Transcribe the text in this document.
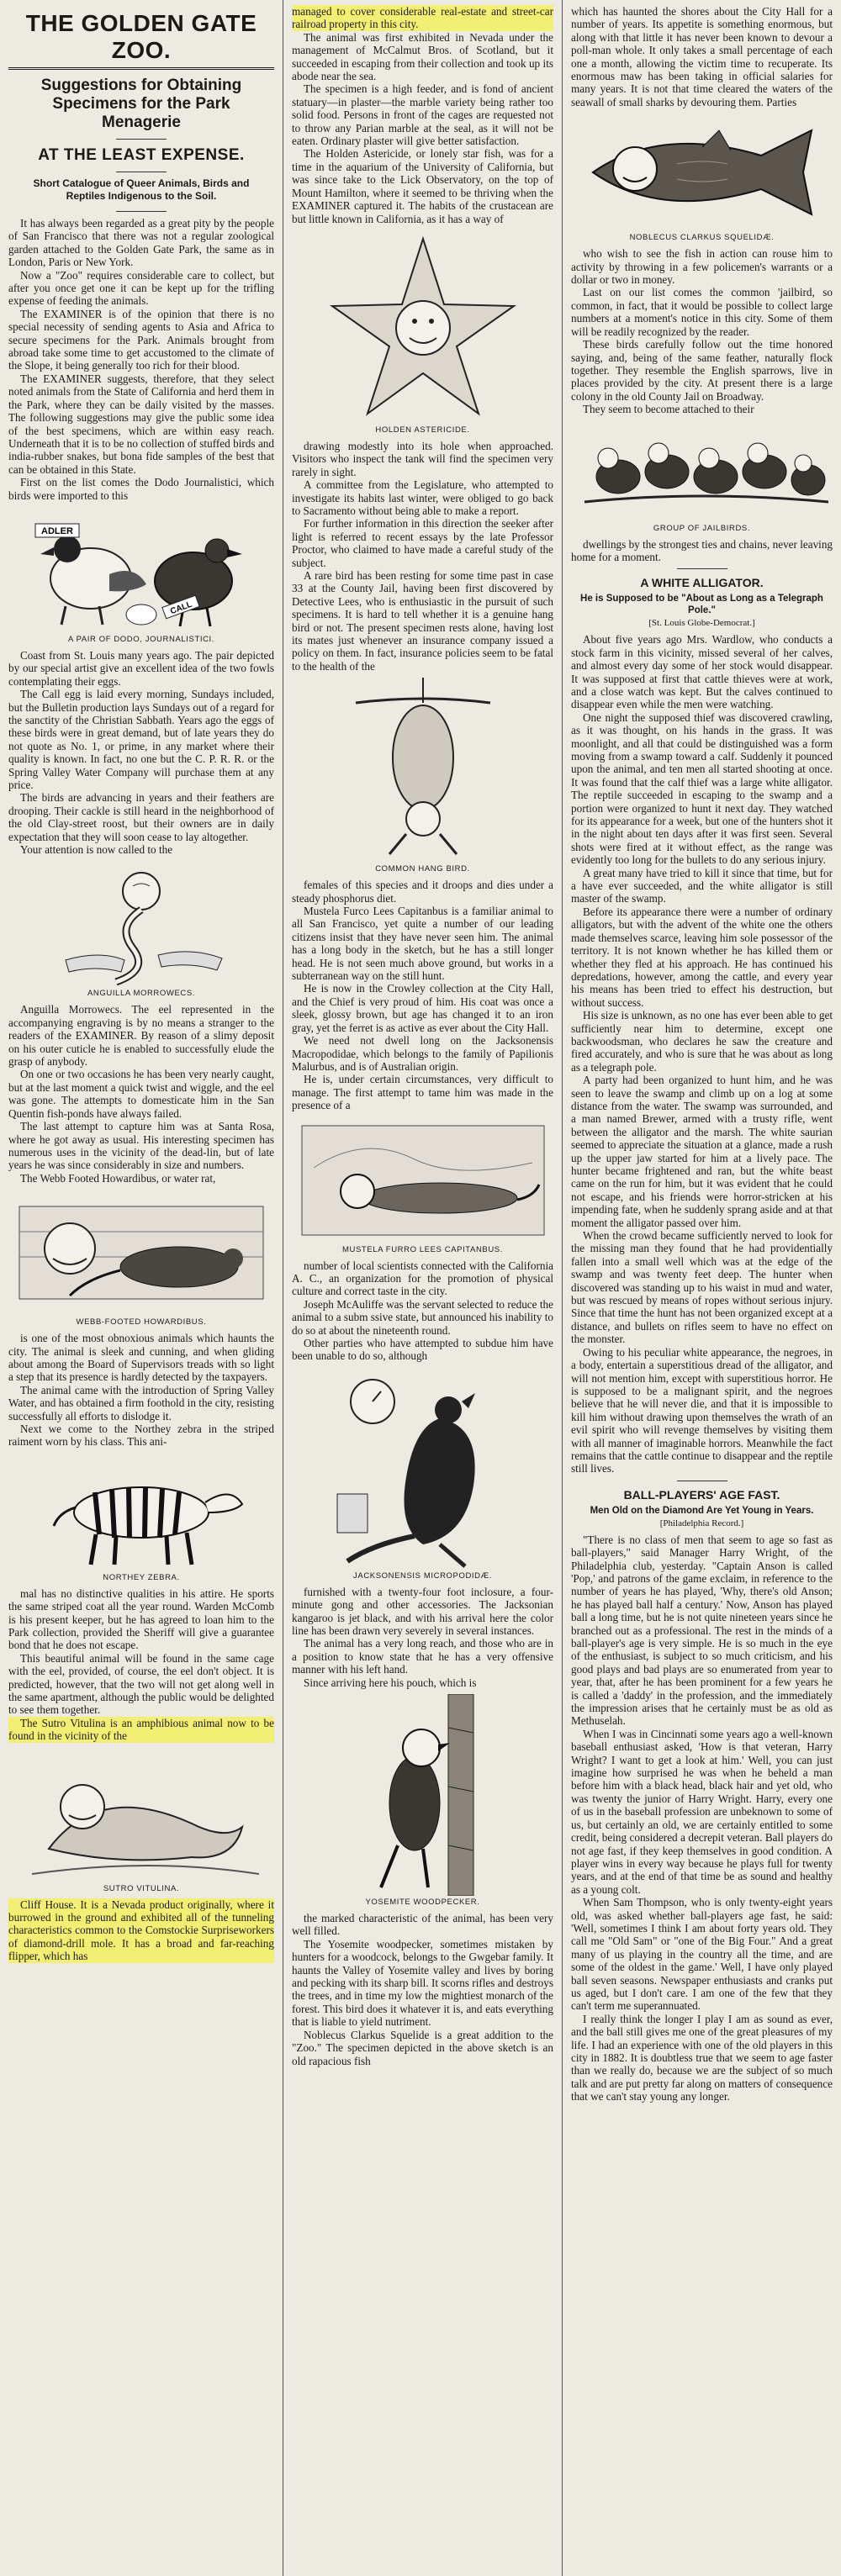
THE GOLDEN GATE ZOO.
Suggestions for Obtaining Specimens for the Park Menagerie
AT THE LEAST EXPENSE.
Short Catalogue of Queer Animals, Birds and Reptiles Indigenous to the Soil.

It has always been regarded as a great pity by the people of San Francisco that there was not a regular zoological garden attached to the Golden Gate Park, the same as in London, Paris or New York.

Now a "Zoo" requires considerable care to collect, but after you once get one it can be kept up for the trifling expense of feeding the animals.

The EXAMINER is of the opinion that there is no special necessity of sending agents to Asia and Africa to secure specimens for the Park. Animals brought from abroad take some time to get accustomed to the climate of the Slope, it being generally too rich for their blood.

The EXAMINER suggests, therefore, that they select noted animals from the State of California and herd them in the Park, where they can be daily visited by the masses. The following suggestions may give the public some idea of the best specimens, which are within easy reach. Underneath that it is to be no collection of stuffed birds and india-rubber snakes, but bona fide samples of the best that can be obtained in this State.

First on the list comes the Dodo Journalistici, which birds were imported to this

ADLER
CALL
A PAIR OF DODO, JOURNALISTICI.

Coast from St. Louis many years ago. The pair depicted by our special artist give an excellent idea of the two fowls contemplating their eggs.

The Call egg is laid every morning, Sundays included, but the Bulletin production lays Sundays out of a regard for the sanctity of the Christian Sabbath. Years ago the eggs of these birds were in great demand, but of late years they do not quote as No. 1, or prime, in any market where their quality is known. In fact, no one but the C. P. R. R. or the Spring Valley Water Company will purchase them at any price.

The birds are advancing in years and their feathers are drooping. Their cackle is still heard in the neighborhood of the old Clay-street roost, but their owners are in daily expectation that they will soon cease to lay altogether.

Your attention is now called to the

ANGUILLA MORROWECS.

Anguilla Morrowecs. The eel represented in the accompanying engraving is by no means a stranger to the readers of the EXAMINER. By reason of a slimy deposit on his outer cuticle he is enabled to successfully elude the grasp of anybody.

On one or two occasions he has been very nearly caught, but at the last moment a quick twist and wiggle, and the eel was gone. The attempts to domesticate him in the San Quentin fish-ponds have always failed.

The last attempt to capture him was at Santa Rosa, where he got away as usual. His interesting specimen has numerous uses in the vicinity of the dead-lin, but of late years he was since considerably in size and numbers.

The Webb Footed Howardibus, or water rat,

WEBB-FOOTED HOWARDIBUS.

is one of the most obnoxious animals which haunts the city. The animal is sleek and cunning, and when gliding about among the Board of Supervisors treads with so light a step that its presence is hardly detected by the taxpayers.

The animal came with the introduction of Spring Valley Water, and has obtained a firm foothold in the city, resisting successfully all efforts to dislodge it.

Next we come to the Northey zebra in the striped raiment worn by his class. This ani-

NORTHEY ZEBRA.

mal has no distinctive qualities in his attire. He sports the same striped coat all the year round. Warden McComb is his present keeper, but he has agreed to loan him to the Park collection, provided the Sheriff will give a guarantee bond that he does not escape.

This beautiful animal will be found in the same cage with the eel, provided, of course, the eel don't object. It is predicted, however, that the two will not get along well in the same apartment, although the public would be delighted to see them together.

The Sutro Vitulina is an amphibious animal now to be found in the vicinity of the

SUTRO VITULINA.

Cliff House. It is a Nevada product originally, where it burrowed in the ground and exhibited all of the tunneling characteristics common to the Comstockie Surpriseworkers of diamond-drill mole. It has a broad and far-reaching flipper, which has

managed to cover considerable real-estate and street-car railroad property in this city.

The animal was first exhibited in Nevada under the management of McCalmut Bros. of Scotland, but it succeeded in escaping from their collection and took up its abode near the sea.

The specimen is a high feeder, and is fond of ancient statuary—in plaster—the marble variety being rather too solid food. Persons in front of the cages are requested not to throw any Parian marble at the seal, as it will not be eaten. Ordinary plaster will give better satisfaction.

The Holden Astericide, or lonely star fish, was for a time in the aquarium of the University of California, but was since take to the Lick Observatory, on the top of Mount Hamilton, where it seemed to be thriving when the EXAMINER captured it. The habits of the crustacean are but little known in California, as it has a way of

HOLDEN ASTERICIDE.

drawing modestly into its hole when approached. Visitors who inspect the tank will find the specimen very rarely in sight.

A committee from the Legislature, who attempted to investigate its habits last winter, were obliged to go back to Sacramento without being able to make a report.

For further information in this direction the seeker after light is referred to recent essays by the late Professor Proctor, who claimed to have made a careful study of the subject.

A rare bird has been resting for some time past in case 33 at the County Jail, having been first discovered by Detective Lees, who is enthusiastic in the pursuit of such specimens. It is hard to tell whether it is a genuine hang bird or not. The present specimen rests alone, having lost its mates just whenever an insurance company issued a policy on them. In fact, insurance policies seem to be fatal to the health of the

COMMON HANG BIRD.

females of this species and it droops and dies under a steady phosphorus diet.

Mustela Furco Lees Capitanbus is a familiar animal to all San Francisco, yet quite a number of our leading citizens insist that they have never seen him. The animal has a long body in the sketch, but he has a still longer head. He is not seen much above ground, but works in a subterranean way on the still hunt.

He is now in the Crowley collection at the City Hall, and the Chief is very proud of him. His coat was once a sleek, glossy brown, but age has changed it to an iron gray, yet the ferret is as active as ever about the City Hall.

We need not dwell long on the Jacksonensis Macropodidae, which belongs to the family of Papilionis Malurbus, and is of Australian origin.

He is, under certain circumstances, very difficult to manage. The first attempt to tame him was made in the presence of a

MUSTELA FURRO LEES CAPITANBUS.

number of local scientists connected with the California A. C., an organization for the promotion of physical culture and correct taste in the city.

Joseph McAuliffe was the servant selected to reduce the animal to a subm ssive state, but announced his inability to do so at about the nineteenth round.

Other parties who have attempted to subdue him have been unable to do so, although

JACKSONENSIS MICROPODIDÆ.

furnished with a twenty-four foot inclosure, a four-minute gong and other accessories. The Jacksonian kangaroo is jet black, and with his arrival here the color line has been drawn very severely in several instances.

The animal has a very long reach, and those who are in a position to know state that he has a very offensive manner with his left hand.

Since arriving here his pouch, which is

YOSEMITE WOODPECKER.

the marked characteristic of the animal, has been very well filled.

The Yosemite woodpecker, sometimes mistaken by hunters for a woodcock, belongs to the Gwgebar family. It haunts the Valley of Yosemite valley and lives by boring and pecking with its sharp bill. It scorns rifles and destroys the trees, and in time my low the mightiest monarch of the forest. This bird does it whatever it is, and eats everything that is liable to yield nutriment.

Noblecus Clarkus Squelide is a great addition to the "Zoo." The specimen depicted in the above sketch is an old rapacious fish

which has haunted the shores about the City Hall for a number of years. Its appetite is something enormous, but along with that little it has never been known to devour a poll-man whole. It only takes a small percentage of each one a month, allowing the victim time to recuperate. Its enormous maw has been taking in official salaries for many years. It is not that time cleared the waters of the seawall of small sharks by devouring them. Parties

NOBLECUS CLARKUS SQUELIDÆ.

who wish to see the fish in action can rouse him to activity by throwing in a few policemen's warrants or a dollar or two in money.

Last on our list comes the common 'jailbird, so common, in fact, that it would be possible to collect large numbers at a moment's notice in this city. Some of them will be readily recognized by the reader.

These birds carefully follow out the time honored saying, and, being of the same feather, naturally flock together. They resemble the English sparrows, live in places provided by the city. At present there is a large colony in the old County Jail on Broadway.

They seem to become attached to their

GROUP OF JAILBIRDS.

dwellings by the strongest ties and chains, never leaving home for a moment.

A WHITE ALLIGATOR.
He is Supposed to be "About as Long as a Telegraph Pole."
[St. Louis Globe-Democrat.]

About five years ago Mrs. Wardlow, who conducts a stock farm in this vicinity, missed several of her calves, and almost every day some of her stock would disappear. It was supposed at first that cattle thieves were at work, and a close watch was kept. But the calves continued to disappear even while the men were watching.

One night the supposed thief was discovered crawling, as it was thought, on his hands in the grass. It was moonlight, and all that could be distinguished was a form moving from a swamp toward a calf. Suddenly it pounced upon the animal, and ten men all started shooting at once. It was found that the calf thief was a large white alligator. The reptile succeeded in escaping to the swamp and a portion were organized to hunt it next day. They watched for its appearance for a week, but one of the hunters shot it in the night about ten days after it was first seen. Several shots were fired at it without effect, as the range was evidently too long for the bullets to do any serious injury.

A great many have tried to kill it since that time, but for a have ever succeeded, and the white alligator is still master of the swamp.

Before its appearance there were a number of ordinary alligators, but with the advent of the white one the others made themselves scarce, leaving him sole possessor of the territory. It is not known whether he has killed them or whether they fled at his approach. He has continued his depredations, however, among the cattle, and every year his means has been tried to effect his destruction, but without success.

His size is unknown, as no one has ever been able to get sufficiently near him to determine, except one backwoodsman, who declares he saw the creature and fired accurately, and who is sure that he was about as long as a telegraph pole.

A party had been organized to hunt him, and he was seen to leave the swamp and climb up on a log at some distance from the water. The swamp was surrounded, and a man named Brewer, armed with a trusty rifle, went between the alligator and the marsh. The white saurian seemed to appreciate the situation at a glance, made a rush up the upper jaw started for him at a lively pace. The hunter became frightened and ran, but the white beast came on the run for him, but it was evident that he could not escape, and his friends were horror-stricken at his impending fate, when he suddenly sprang aside and at that moment the alligator passed over him.

When the crowd became sufficiently nerved to look for the missing man they found that he had providentially fallen into a small well which was at the edge of the swamp and was twenty feet deep. The hunter when discovered was standing up to his waist in mud and water, but was rescued by means of ropes without serious injury. Since that time the hunt has not been organized except at a distance, and bullets on rifles seem to have no effect on the monster.

Owing to his peculiar white appearance, the negroes, in a body, entertain a superstitious dread of the alligator, and will not mention him, except with superstitious horror. He is supposed to be a malignant spirit, and the negroes believe that he will never die, and that it is impossible to kill him without drawing upon themselves the wrath of an evil spirit who will revenge themselves by visiting them with all manner of imaginable horrors. Meanwhile the fact remains that the cattle continue to disappear and the reptile still lives.

BALL-PLAYERS' AGE FAST.
Men Old on the Diamond Are Yet Young in Years.
[Philadelphia Record.]

"There is no class of men that seem to age so fast as ball-players," said Manager Harry Wright, of the Philadelphia club, yesterday. "Captain Anson is called 'Pop,' and patrons of the game exclaim, in reference to the number of years he has played, 'Why, there's old Anson; he has played ball half a century.' Now, Anson has played ball a long time, but he is not quite nineteen years since he branched out as a professional. The rest in the minds of a ball-player's age is very simple. He is so much in the eye of the enthusiast, is subject to so much criticism, and his good plays and bad plays are so enumerated from year to year, that, after he has been prominent for a few years he is called a 'daddy' in the profession, and the immediately the impression arises that he certainly must be as old as Methuselah.

When I was in Cincinnati some years ago a well-known baseball enthusiast asked, 'How is that veteran, Harry Wright? I want to get a look at him.' Well, you can just imagine how surprised he was when he beheld a man before him with a black head, black hair and yet old, who was twenty the junior of Harry Wright. Harry, every one of us in the baseball profession are unbeknown to some of us, but certainly an old, we are certainly entitled to some credit, being considered a decrepit veteran. Ball players do not age fast, if they keep themselves in good condition. A player wins in every way because he plays full for twenty years, and at the end of that time be as sound and healthy as a young colt.

When Sam Thompson, who is only twenty-eight years old, was asked whether ball-players age fast, he said: 'Well, sometimes I think I am about forty years old. They call me "Old Sam" or "one of the Big Four." And a great many of us playing in the country all the time, and are some of the oldest in the game.' Well, I have only played ball seven seasons. Newspaper enthusiasts and cranks put us aged, but I don't care. I am one of the few that they can't term me superannuated.

I really think the longer I play I am as sound as ever, and the ball still gives me one of the great pleasures of my life. I had an experience with one of the old players in this city in 1882. It is doubtless true that we seem to age faster than we really do, because we are the subject of so much talk and are put pretty far along on matters of consequence that we can't stay young any longer.
